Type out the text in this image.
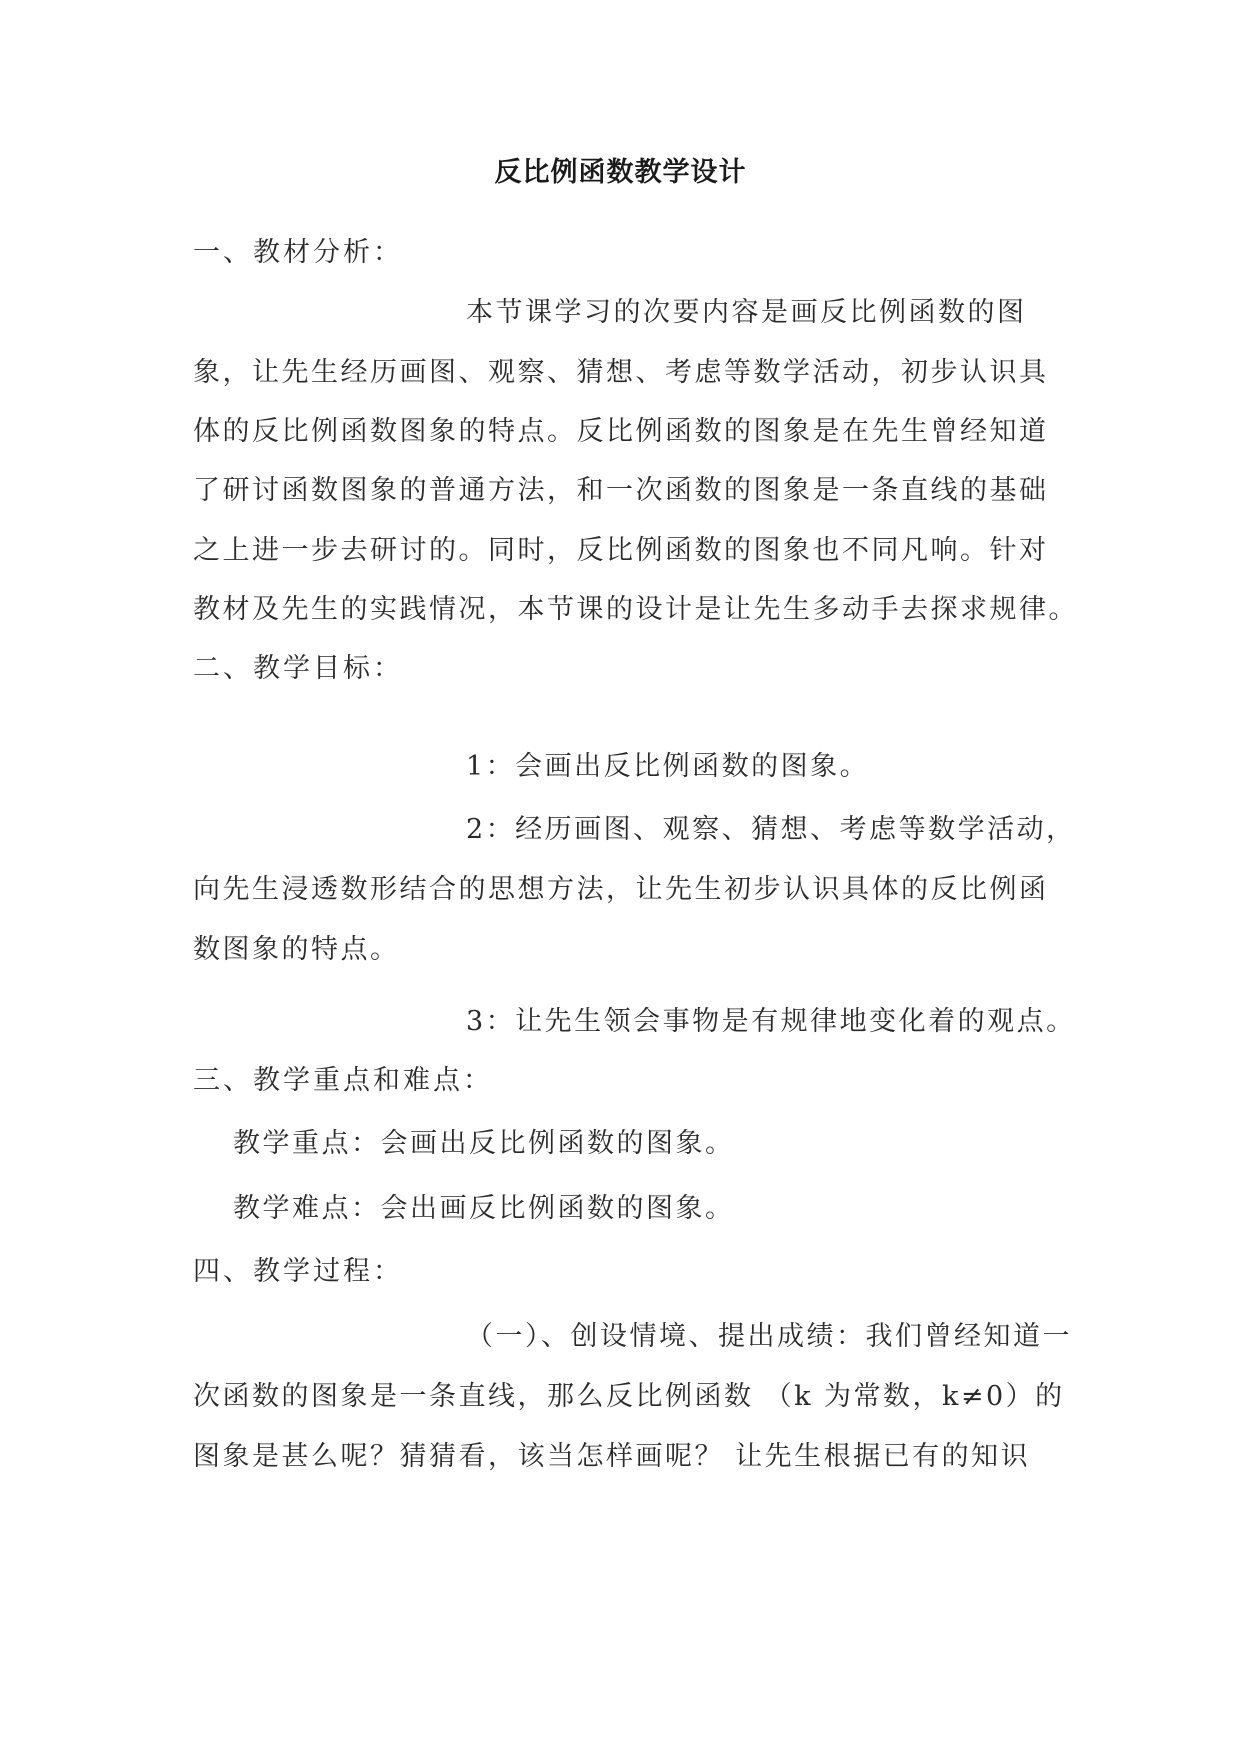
反比例函数教学设计
一、教材分析：
本节课学习的次要内容是画反比例函数的图
象，让先生经历画图、观察、猜想、考虑等数学活动，初步认识具
体的反比例函数图象的特点。反比例函数的图象是在先生曾经知道
了研讨函数图象的普通方法，和一次函数的图象是一条直线的基础
之上进一步去研讨的。同时，反比例函数的图象也不同凡响。针对
教材及先生的实践情况，本节课的设计是让先生多动手去探求规律。
二、教学目标：
1：会画出反比例函数的图象。
2：经历画图、观察、猜想、考虑等数学活动，
向先生浸透数形结合的思想方法，让先生初步认识具体的反比例函
数图象的特点。
3：让先生领会事物是有规律地变化着的观点。
三、教学重点和难点：
教学重点：会画出反比例函数的图象。
教学难点：会出画反比例函数的图象。
四、教学过程：
（一）、创设情境、提出成绩：我们曾经知道一
次函数的图象是一条直线，那么反比例函数 （k 为常数，k≠0）的
图象是甚么呢？猜猜看，该当怎样画呢？ 让先生根据已有的知识
